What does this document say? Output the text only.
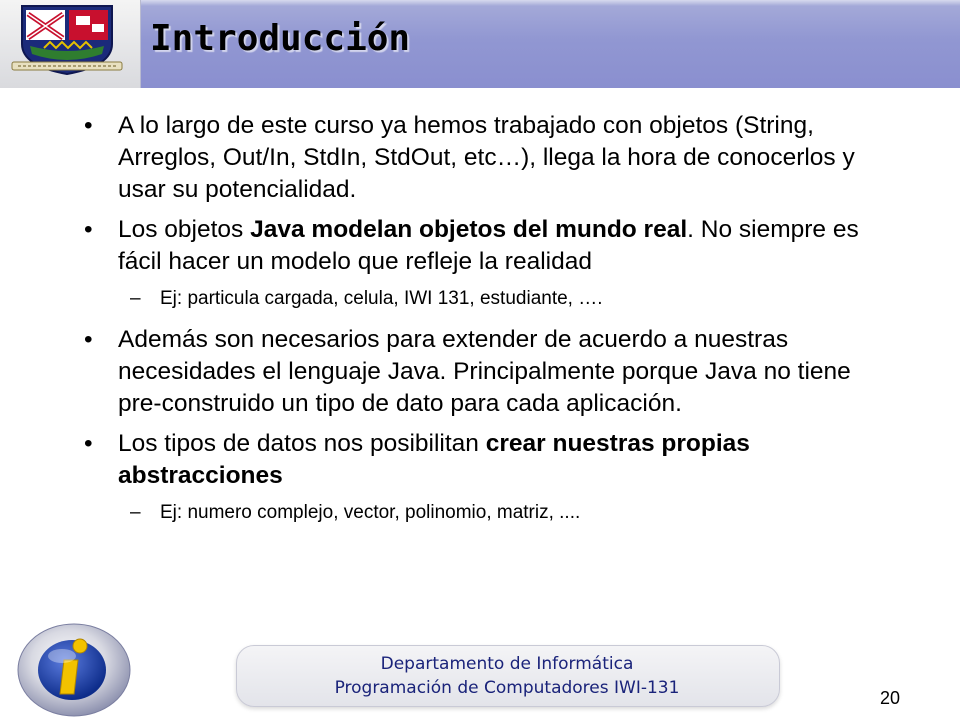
Introducción
• A lo largo de este curso ya hemos trabajado con objetos (String, Arreglos, Out/In, StdIn, StdOut, etc…), llega la hora de conocerlos y usar su potencialidad.
• Los objetos Java modelan objetos del mundo real. No siempre es fácil hacer un modelo que refleje la realidad
– Ej: particula cargada, celula, IWI 131, estudiante, ….
• Además son necesarios para extender de acuerdo a nuestras necesidades el lenguaje Java. Principalmente porque Java no tiene pre-construido un tipo de dato para cada aplicación.
• Los tipos de datos nos posibilitan crear nuestras propias abstracciones
– Ej: numero complejo, vector, polinomio, matriz, ....
Departamento de Informática
Programación de Computadores IWI-131	20
